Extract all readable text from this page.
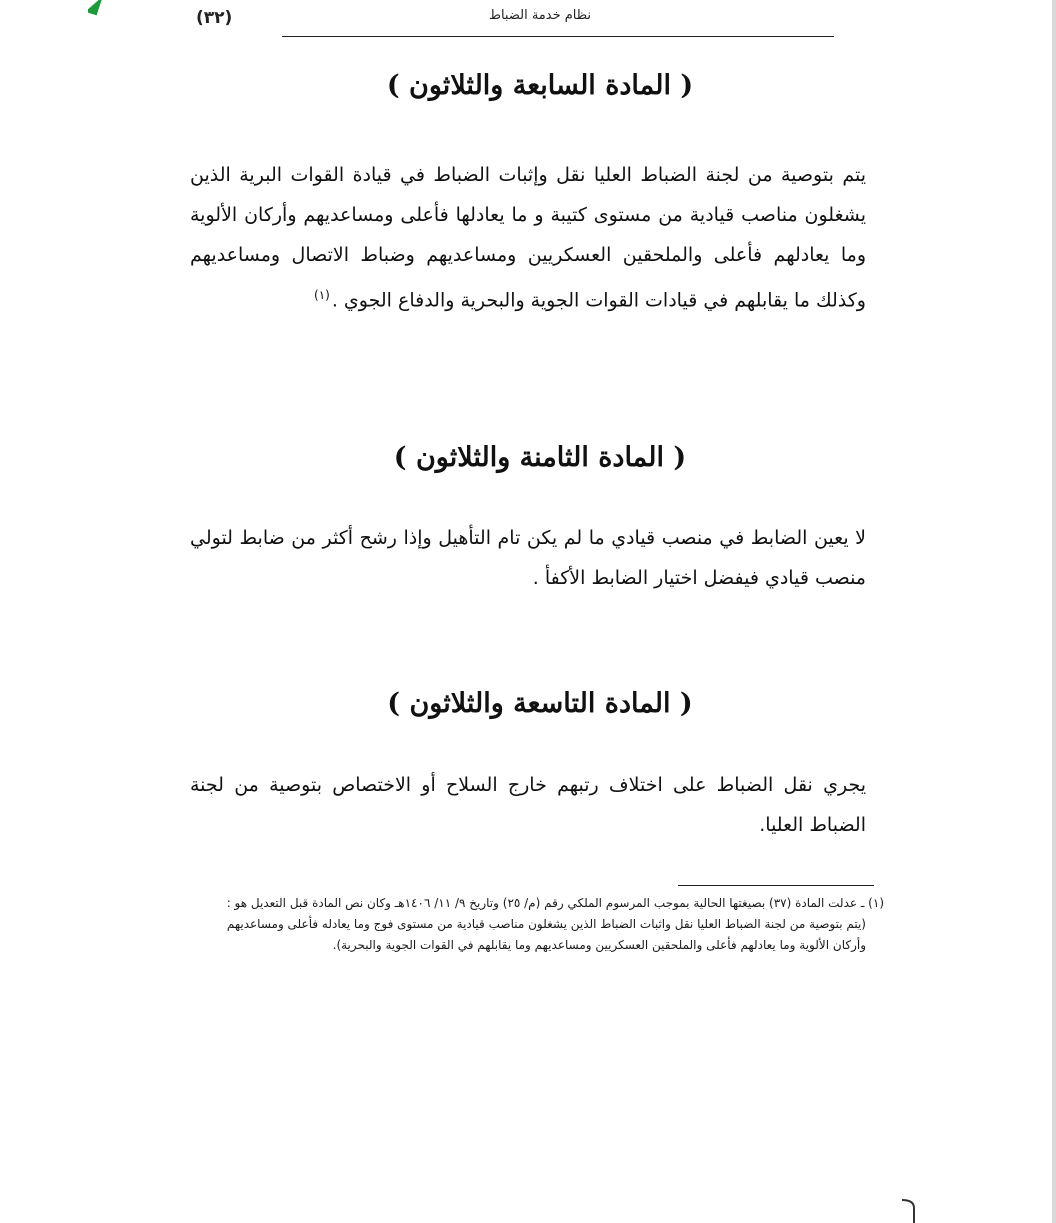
(٣٢)	نظام خدمة الضباط
( المادة السابعة والثلاثون )
يتم بتوصية من لجنة الضباط العليا نقل وإثبات الضباط في قيادة القوات البرية الذين يشغلون مناصب قيادية من مستوى كتيبة و ما يعادلها فأعلى ومساعديهم وأركان الألوية وما يعادلهم فأعلى والملحقين العسكريين ومساعديهم وضباط الاتصال ومساعديهم وكذلك ما يقابلهم في قيادات القوات الجوية والبحرية والدفاع الجوي .$^{(١)}$
( المادة الثامنة والثلاثون )
لا يعين الضابط في منصب قيادي ما لم يكن تام التأهيل وإذا رشح أكثر من ضابط لتولي منصب قيادي فيفضل اختيار الضابط الأكفأ .
( المادة التاسعة والثلاثون )
يجري نقل الضباط على اختلاف رتبهم خارج السلاح أو الاختصاص بتوصية من لجنة الضباط العليا.
(١) ـ عدلت المادة (٣٧) بصيغتها الحالية بموجب المرسوم الملكي رقم (م/ ٢٥) وتاريخ ٩/ ١١/ ١٤٠٦هـ وكان نص المادة قبل التعديل هو :
(يتم بتوصية من لجنة الضباط العليا نقل واثبات الضباط الذين يشغلون مناصب قيادية من مستوى فوج وما يعادله فأعلى ومساعديهم
وأركان الألوية وما يعادلهم فأعلى والملحقين العسكريين ومساعديهم وما يقابلهم في القوات الجوية والبحرية).
